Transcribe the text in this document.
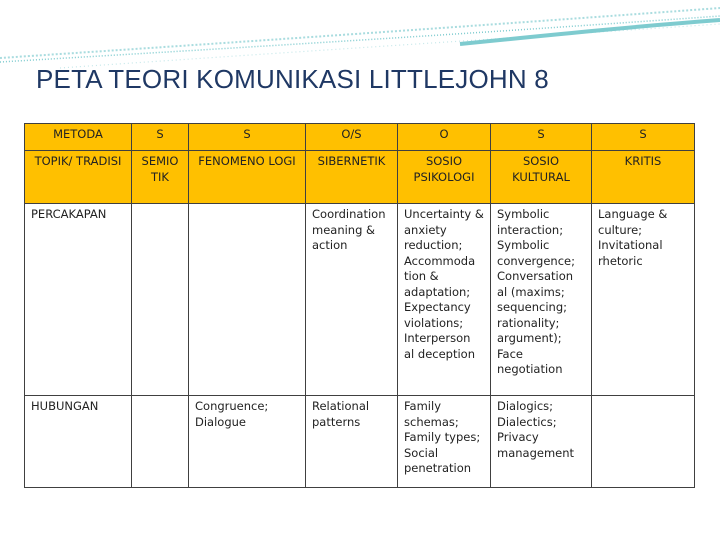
PETA TEORI KOMUNIKASI LITTLEJOHN 8
METODA	S	S	O/S	O	S	S
TOPIK/ TRADISI	SEMIO TIK	FENOMENO LOGI	SIBERNETIK	SOSIO PSIKOLOGI	SOSIO KULTURAL	KRITIS
PERCAKAPAN			Coordination meaning & action	Uncertainty & anxiety reduction; Accommoda tion & adaptation; Expectancy violations; Interperson al deception	Symbolic interaction; Symbolic convergence; Conversation al (maxims; sequencing; rationality; argument); Face negotiation	Language & culture; Invitational rhetoric
HUBUNGAN		Congruence; Dialogue	Relational patterns	Family schemas; Family types; Social penetration	Dialogics; Dialectics; Privacy management	
